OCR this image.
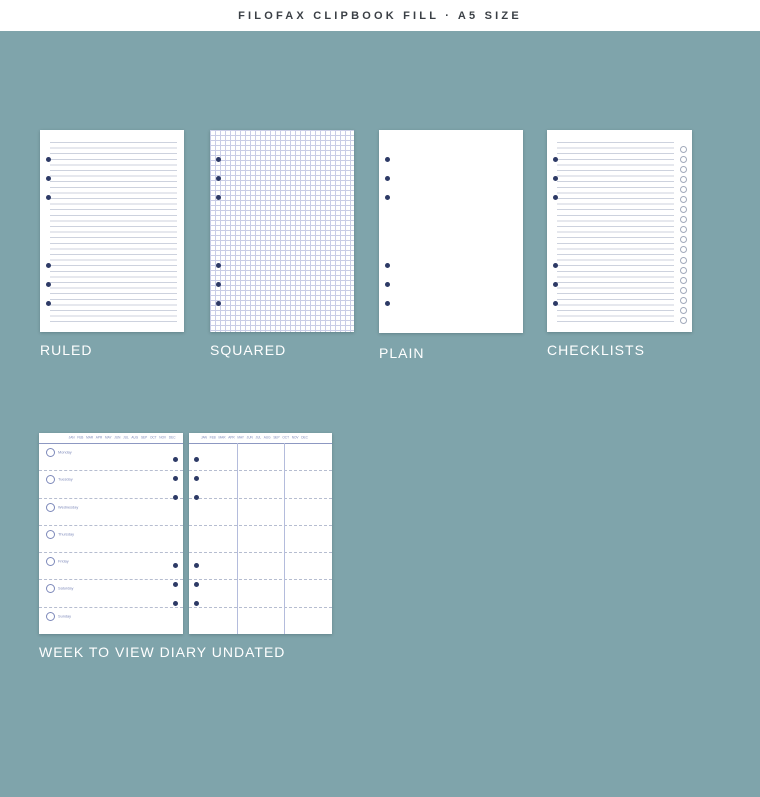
FILOFAX CLIPBOOK FILL · A5 SIZE
RULED	SQUARED	PLAIN	CHECKLISTS
JAN FEB MAR APR MAY JUN JUL AUG SEP OCT NOV DEC
Monday
Tuesday
Wednesday
Thursday
Friday
Saturday
Sunday
JAN FEB MAR APR MAY JUN JUL AUG SEP OCT NOV DEC
WEEK TO VIEW DIARY UNDATED
